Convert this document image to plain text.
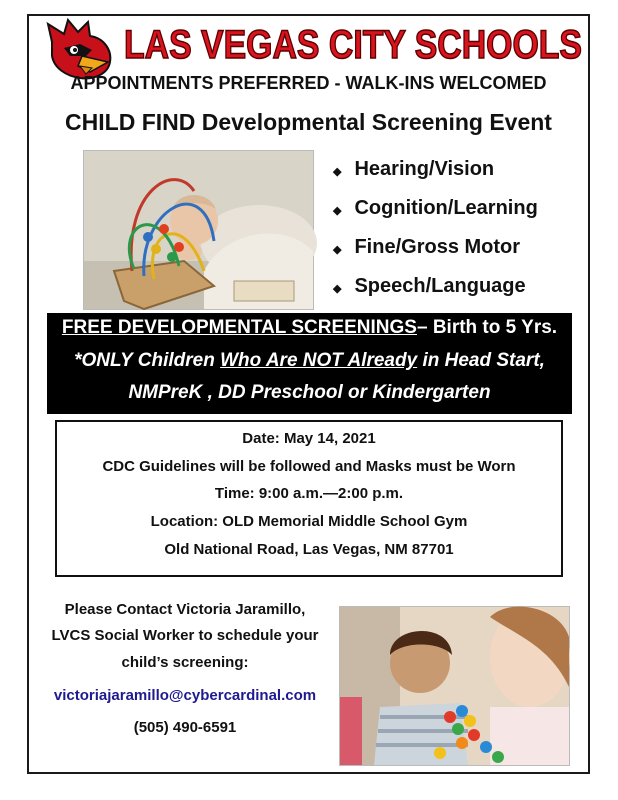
LAS VEGAS CITY SCHOOLS
APPOINTMENTS PREFERRED - WALK-INS WELCOMED
CHILD FIND Developmental Screening Event
◆ Hearing/Vision
◆ Cognition/Learning
◆ Fine/Gross Motor
◆ Speech/Language
FREE DEVELOPMENTAL SCREENINGS– Birth to 5 Yrs.
*ONLY Children Who Are NOT Already in Head Start,
NMPreK , DD Preschool or Kindergarten
Date: May 14, 2021
CDC Guidelines will be followed and Masks must be Worn
Time: 9:00 a.m.—2:00 p.m.
Location: OLD Memorial Middle School Gym
Old National Road, Las Vegas, NM 87701
Please Contact Victoria Jaramillo,
LVCS Social Worker to schedule your
child’s screening:
victoriajaramillo@cybercardinal.com
(505) 490-6591
